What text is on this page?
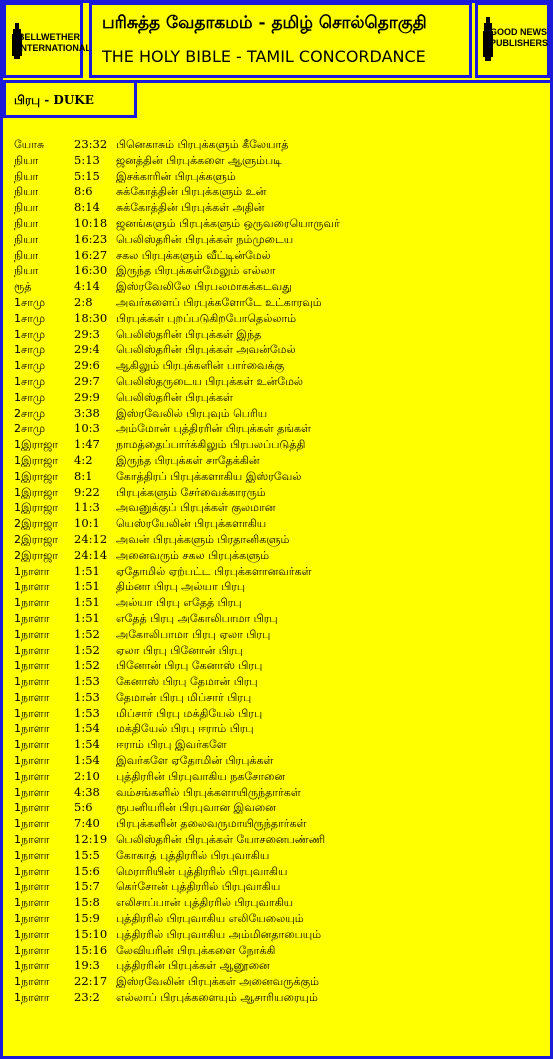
BELLWETHER
INTERNATIONAL
பரிசுத்த வேதாகமம் - தமிழ் சொல்தொகுதி
THE HOLY BIBLE - TAMIL CONCORDANCE
GOOD NEWS
PUBLISHERS
பிரபு - DUKE
யோசு	23:32 பினெகாசும் பிரபுக்களும் கீலேயாத்
நியா	5:13	ஜனத்தின் பிரபுக்களை ஆளும்படி
நியா	5:15	இசக்காரின் பிரபுக்களும்
நியா	8:6	சுக்கோத்தின் பிரபுக்களும் உன்
நியா	8:14	சுக்கோத்தின் பிரபுக்கள் அதின்
நியா	10:18 ஜனங்களும் பிரபுக்களும் ஒருவரையொருவர்
நியா	16:23 பெலிஸ்தரின் பிரபுக்கள் நம்முடைய
நியா	16:27 சகல பிரபுக்களும் வீட்டின்மேல்
நியா	16:30 இருந்த பிரபுக்கள்மேலும் எல்லா
ரூத்	4:14	இஸ்ரவேலிலே பிரபலமாகக்கடவது
1சாமு	2:8	அவர்களைப் பிரபுக்களோடே உட்காரவும்
1சாமு	18:30 பிரபுக்கள் புறப்படுகிறபோதெல்லாம்
1சாமு	29:3	பெலிஸ்தரின் பிரபுக்கள் இந்த
1சாமு	29:4	பெலிஸ்தரின் பிரபுக்கள் அவன்மேல்
1சாமு	29:6	ஆகிலும் பிரபுக்களின் பார்வைக்கு
1சாமு	29:7	பெலிஸ்தருடைய பிரபுக்கள் உன்மேல்
1சாமு	29:9	பெலிஸ்தரின் பிரபுக்கள்
2சாமு	3:38	இஸ்ரவேலில் பிரபுவும் பெரிய
2சாமு	10:3	அம்மோன் புத்திரரின் பிரபுக்கள் தங்கள்
1இராஜா	1:47	நாமத்தைப்பார்க்கிலும் பிரபலப்படுத்தி
1இராஜா	4:2	இருந்த பிரபுக்கள் சாதேக்கின்
1இராஜா	8:1	கோத்திரப் பிரபுக்களாகிய இஸ்ரவேல்
1இராஜா	9:22	பிரபுக்களும் சேர்வைக்காரரும்
1இராஜா	11:3	அவனுக்குப் பிரபுக்கள் குலமான
2இராஜா	10:1	யெஸ்ரயேலின் பிரபுக்களாகிய
2இராஜா	24:12 அவன் பிரபுக்களும் பிரதானிகளும்
2இராஜா	24:14 அனைவரும் சகல பிரபுக்களும்
1நாளா	1:51	ஏதோமில் ஏற்பட்ட பிரபுக்களானவர்கள்
1நாளா	1:51	திம்னா பிரபு அல்யா பிரபு
1நாளா	1:51	அல்யா பிரபு எதேத் பிரபு
1நாளா	1:51	எதேத் பிரபு அகோலிபாமா பிரபு
1நாளா	1:52	அகோலிபாமா பிரபு ஏலா பிரபு
1நாளா	1:52	ஏலா பிரபு பினோன் பிரபு
1நாளா	1:52	பினோன் பிரபு கேனாஸ் பிரபு
1நாளா	1:53	கேனாஸ் பிரபு தேமான் பிரபு
1நாளா	1:53	தேமான் பிரபு மிப்சார் பிரபு
1நாளா	1:53	மிப்சார் பிரபு மக்தியேல் பிரபு
1நாளா	1:54	மக்தியேல் பிரபு ஈராம் பிரபு
1நாளா	1:54	ஈராம் பிரபு இவர்களே
1நாளா	1:54	இவர்களே ஏதோமின் பிரபுக்கள்
1நாளா	2:10	புத்திரரின் பிரபுவாகிய நகசோனை
1நாளா	4:38	வம்சங்களில் பிரபுக்களாயிருந்தார்கள்
1நாளா	5:6	ரூபனியரின் பிரபுவான இவனை
1நாளா	7:40	பிரபுக்களின் தலைவருமாயிருந்தார்கள்
1நாளா	12:19 பெலிஸ்தரின் பிரபுக்கள் யோசனைபண்ணி
1நாளா	15:5	கோகாத் புத்திரரில் பிரபுவாகிய
1நாளா	15:6	மெராரியின் புத்திரரில் பிரபுவாகிய
1நாளா	15:7	கெர்சோன் புத்திரரில் பிரபுவாகிய
1நாளா	15:8	எலிசாப்பான் புத்திரரில் பிரபுவாகிய
1நாளா	15:9	புத்திரரில் பிரபுவாகிய எலியேலையும்
1நாளா	15:10 புத்திரரில் பிரபுவாகிய அம்மினதாபையும்
1நாளா	15:16 லேவியரின் பிரபுக்களை நோக்கி
1நாளா	19:3	புத்திரரின் பிரபுக்கள் ஆனூனை
1நாளா	22:17 இஸ்ரவேலின் பிரபுக்கள் அனைவருக்கும்
1நாளா	23:2	எல்லாப் பிரபுக்களையும் ஆசாரியரையும்
